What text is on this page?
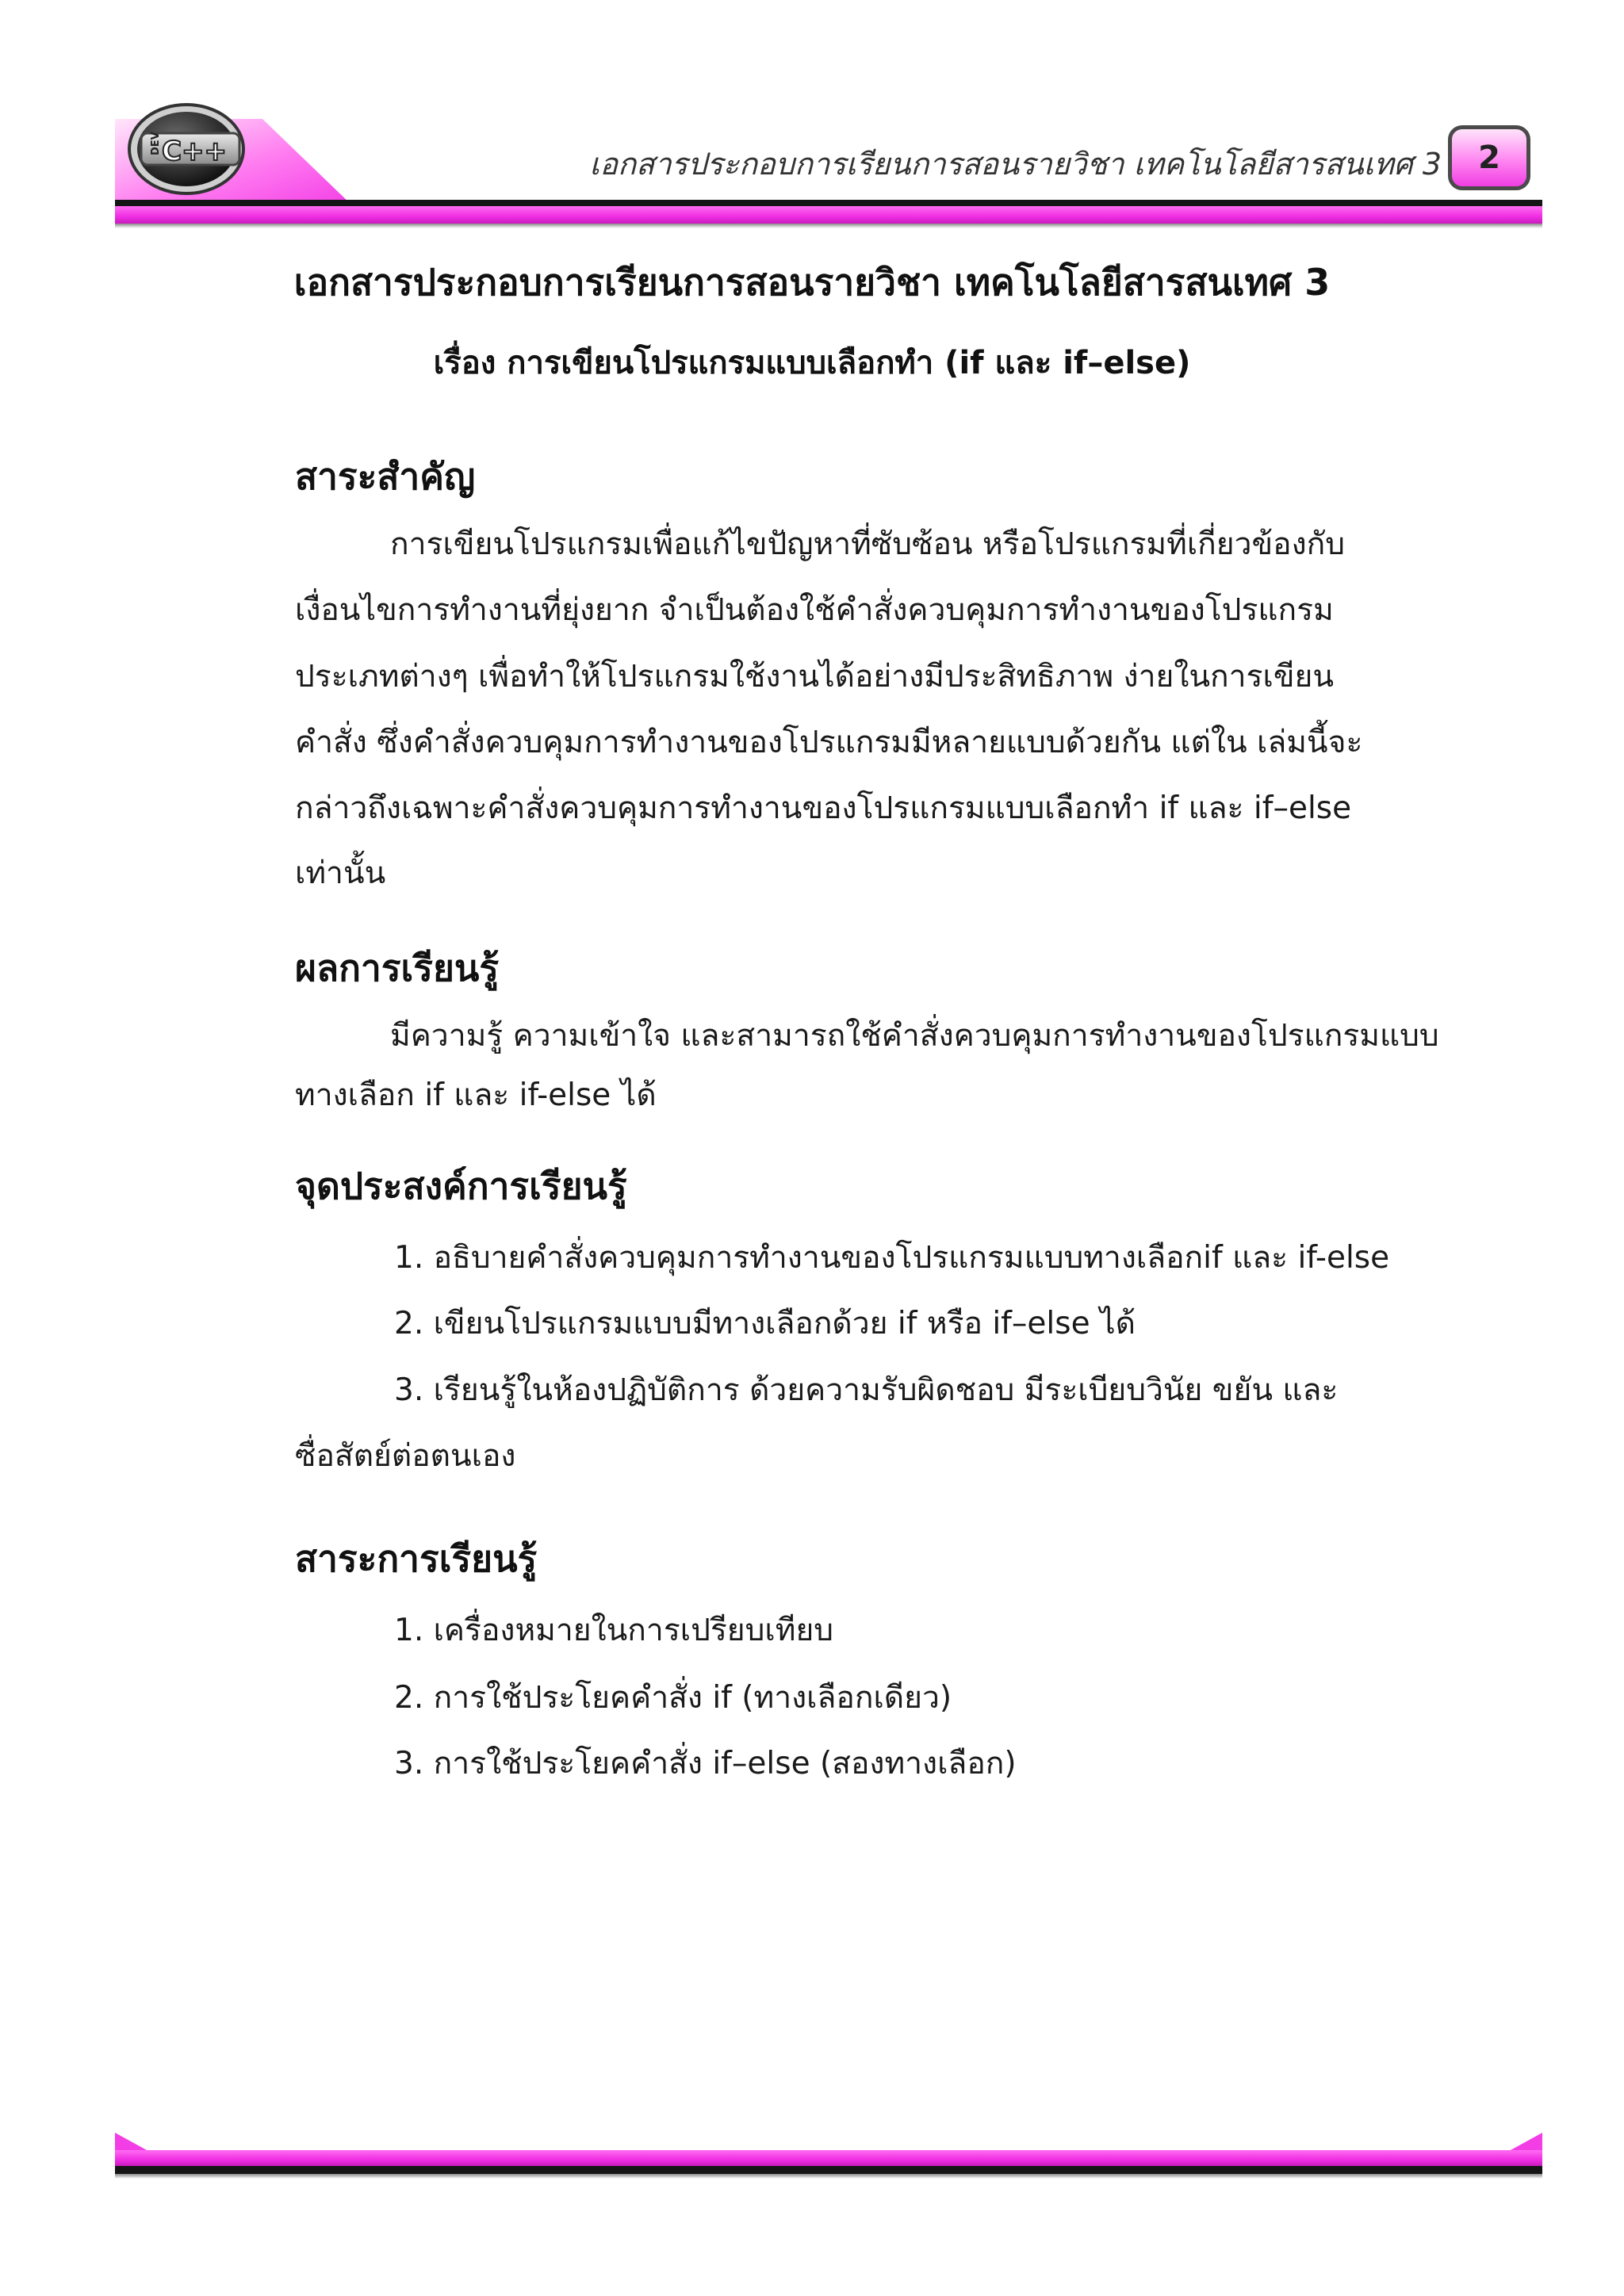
DEV C++	เอกสารประกอบการเรียนการสอนรายวิชา เทคโนโลยีสารสนเทศ 3	2
เอกสารประกอบการเรียนการสอนรายวิชา เทคโนโลยีสารสนเทศ 3
เรื่อง การเขียนโปรแกรมแบบเลือกทำ (if และ if–else)
สาระสำคัญ
การเขียนโปรแกรมเพื่อแก้ไขปัญหาที่ซับซ้อน หรือโปรแกรมที่เกี่ยวข้องกับ
เงื่อนไขการทำงานที่ยุ่งยาก จำเป็นต้องใช้คำสั่งควบคุมการทำงานของโปรแกรม
ประเภทต่างๆ เพื่อทำให้โปรแกรมใช้งานได้อย่างมีประสิทธิภาพ ง่ายในการเขียน
คำสั่ง ซึ่งคำสั่งควบคุมการทำงานของโปรแกรมมีหลายแบบด้วยกัน แต่ใน เล่มนี้จะ
กล่าวถึงเฉพาะคำสั่งควบคุมการทำงานของโปรแกรมแบบเลือกทำ if และ if–else
เท่านั้น
ผลการเรียนรู้
มีความรู้ ความเข้าใจ และสามารถใช้คำสั่งควบคุมการทำงานของโปรแกรมแบบ
ทางเลือก if และ if-else ได้
จุดประสงค์การเรียนรู้
1. อธิบายคำสั่งควบคุมการทำงานของโปรแกรมแบบทางเลือกif และ if-else
2. เขียนโปรแกรมแบบมีทางเลือกด้วย if หรือ if–else ได้
3. เรียนรู้ในห้องปฏิบัติการ ด้วยความรับผิดชอบ มีระเบียบวินัย ขยัน และ
ซื่อสัตย์ต่อตนเอง
สาระการเรียนรู้
1. เครื่องหมายในการเปรียบเทียบ
2. การใช้ประโยคคำสั่ง if (ทางเลือกเดียว)
3. การใช้ประโยคคำสั่ง if–else (สองทางเลือก)
